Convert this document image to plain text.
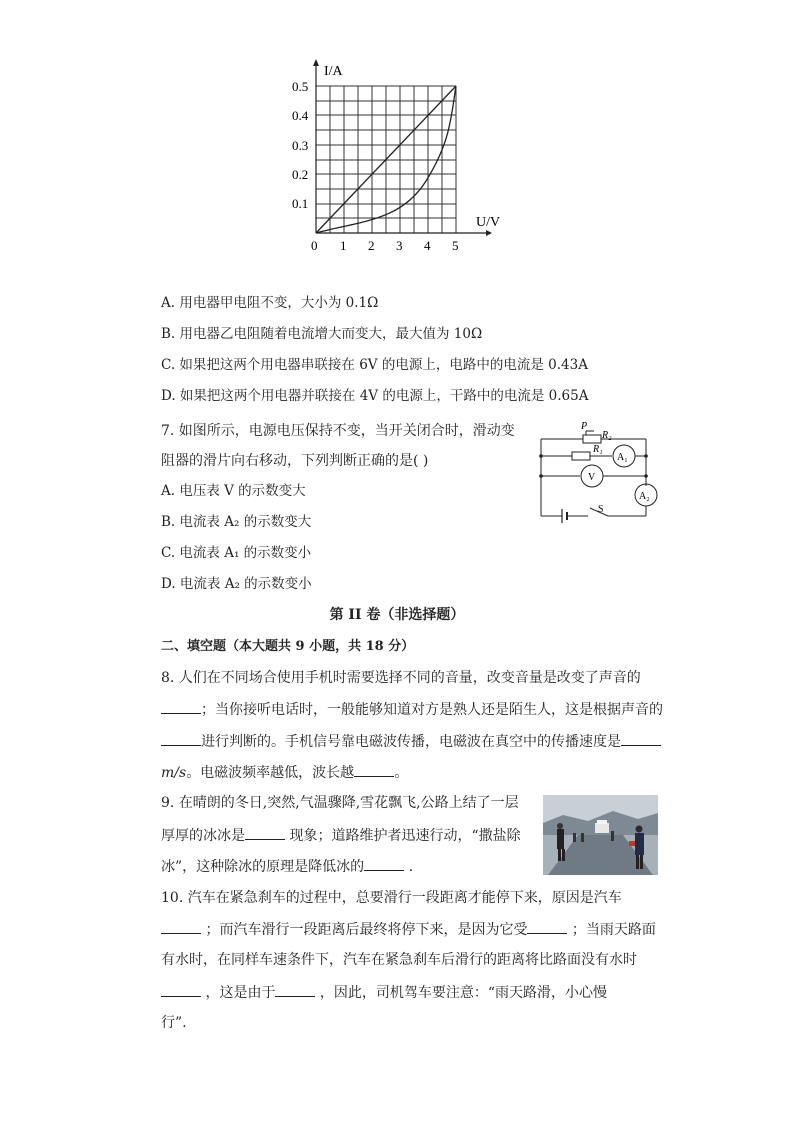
I/A
U/V
0
0.1
0.2
0.3
0.4
0.5
1 2 3 4 5
A. 用电器甲电阻不变，大小为 0.1Ω
B. 用电器乙电阻随着电流增大而变大，最大值为 10Ω
C. 如果把这两个用电器串联接在 6V 的电源上，电路中的电流是 0.43A
D. 如果把这两个用电器并联接在 4V 的电源上，干路中的电流是 0.65A
7. 如图所示，电源电压保持不变，当开关闭合时，滑动变
阻器的滑片向右移动，下列判断正确的是( )
A. 电压表 V 的示数变大
B. 电流表 A₂ 的示数变大
C. 电流表 A₁ 的示数变小
D. 电流表 A₂ 的示数变小
P
R₂
R₁
A₁
V
A₂
S
第 II 卷（非选择题）
二、填空题（本大题共 9 小题，共 18 分）
8. 人们在不同场合使用手机时需要选择不同的音量，改变音量是改变了声音的
；当你接听电话时，一般能够知道对方是熟人还是陌生人，这是根据声音的
进行判断的。手机信号靠电磁波传播，电磁波在真空中的传播速度是
m/s。电磁波频率越低，波长越	。
9. 在晴朗的冬日,突然,气温骤降,雪花飘飞,公路上结了一层
厚厚的冰冰是	现象；道路维护者迅速行动，“撒盐除
冰”，这种除冰的原理是降低冰的	.
10. 汽车在紧急刹车的过程中，总要滑行一段距离才能停下来，原因是汽车
；而汽车滑行一段距离后最终将停下来，是因为它受	；当雨天路面
有水时，在同样车速条件下，汽车在紧急刹车后滑行的距离将比路面没有水时
，这是由于	，因此，司机驾车要注意：“雨天路滑，小心慢
行”.
